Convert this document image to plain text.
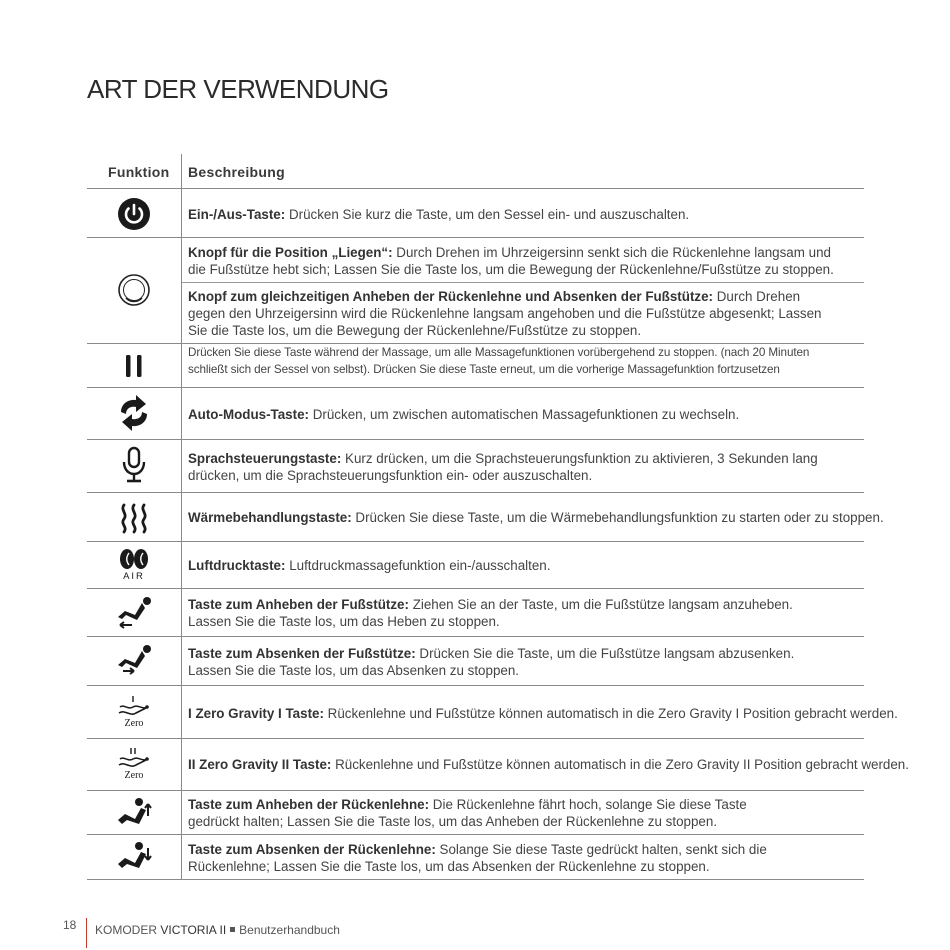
ART DER VERWENDUNG
Funktion Beschreibung
AIR
Zero
Zero
Ein-/Aus-Taste: Drücken Sie kurz die Taste, um den Sessel ein- und auszuschalten.
Knopf für die Position „Liegen“: Durch Drehen im Uhrzeigersinn senkt sich die Rückenlehne langsam und
die Fußstütze hebt sich; Lassen Sie die Taste los, um die Bewegung der Rückenlehne/Fußstütze zu stoppen.
Knopf zum gleichzeitigen Anheben der Rückenlehne und Absenken der Fußstütze: Durch Drehen
gegen den Uhrzeigersinn wird die Rückenlehne langsam angehoben und die Fußstütze abgesenkt; Lassen
Sie die Taste los, um die Bewegung der Rückenlehne/Fußstütze zu stoppen.
Drücken Sie diese Taste während der Massage, um alle Massagefunktionen vorübergehend zu stoppen. (nach 20 Minuten
schließt sich der Sessel von selbst). Drücken Sie diese Taste erneut, um die vorherige Massagefunktion fortzusetzen
Auto-Modus-Taste: Drücken, um zwischen automatischen Massagefunktionen zu wechseln.
Sprachsteuerungstaste: Kurz drücken, um die Sprachsteuerungsfunktion zu aktivieren, 3 Sekunden lang
drücken, um die Sprachsteuerungsfunktion ein- oder auszuschalten.
Wärmebehandlungstaste: Drücken Sie diese Taste, um die Wärmebehandlungsfunktion zu starten oder zu stoppen.
Luftdrucktaste: Luftdruckmassagefunktion ein-/ausschalten.
Taste zum Anheben der Fußstütze: Ziehen Sie an der Taste, um die Fußstütze langsam anzuheben.
Lassen Sie die Taste los, um das Heben zu stoppen.
Taste zum Absenken der Fußstütze: Drücken Sie die Taste, um die Fußstütze langsam abzusenken.
Lassen Sie die Taste los, um das Absenken zu stoppen.
I Zero Gravity I Taste: Rückenlehne und Fußstütze können automatisch in die Zero Gravity I Position gebracht werden.
II Zero Gravity II Taste: Rückenlehne und Fußstütze können automatisch in die Zero Gravity II Position gebracht werden.
Taste zum Anheben der Rückenlehne: Die Rückenlehne fährt hoch, solange Sie diese Taste
gedrückt halten; Lassen Sie die Taste los, um das Anheben der Rückenlehne zu stoppen.
Taste zum Absenken der Rückenlehne: Solange Sie diese Taste gedrückt halten, senkt sich die
Rückenlehne; Lassen Sie die Taste los, um das Absenken der Rückenlehne zu stoppen.
18 KOMODER VICTORIA II Benutzerhandbuch
